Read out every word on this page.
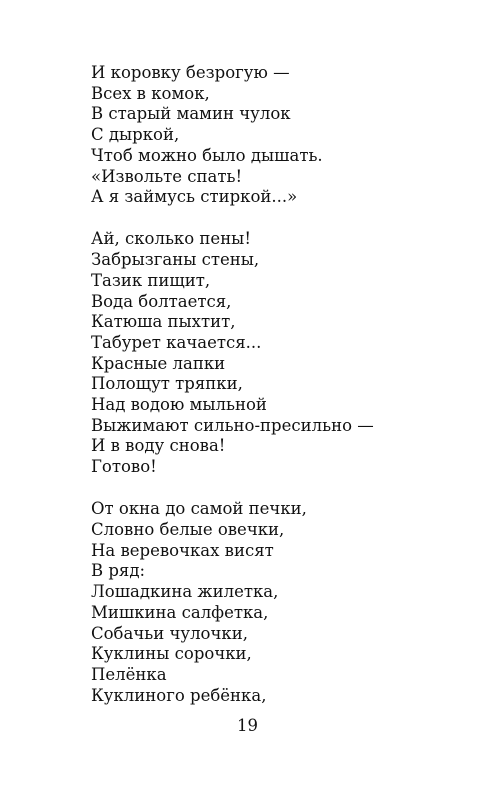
И коровку безрогую —
Всех в комок,
В старый мамин чулок
С дыркой,
Чтоб можно было дышать.
«Извольте спать!
А я займусь стиркой...»
Ай, сколько пены!
Забрызганы стены,
Тазик пищит,
Вода болтается,
Катюша пыхтит,
Табурет качается...
Красные лапки
Полощут тряпки,
Над водою мыльной
Выжимают сильно-пресильно —
И в воду снова!
Готово!
От окна до самой печки,
Словно белые овечки,
На веревочках висят
В ряд:
Лошадкина жилетка,
Мишкина салфетка,
Собачьи чулочки,
Куклины сорочки,
Пелёнка
Куклиного ребёнка,
19
